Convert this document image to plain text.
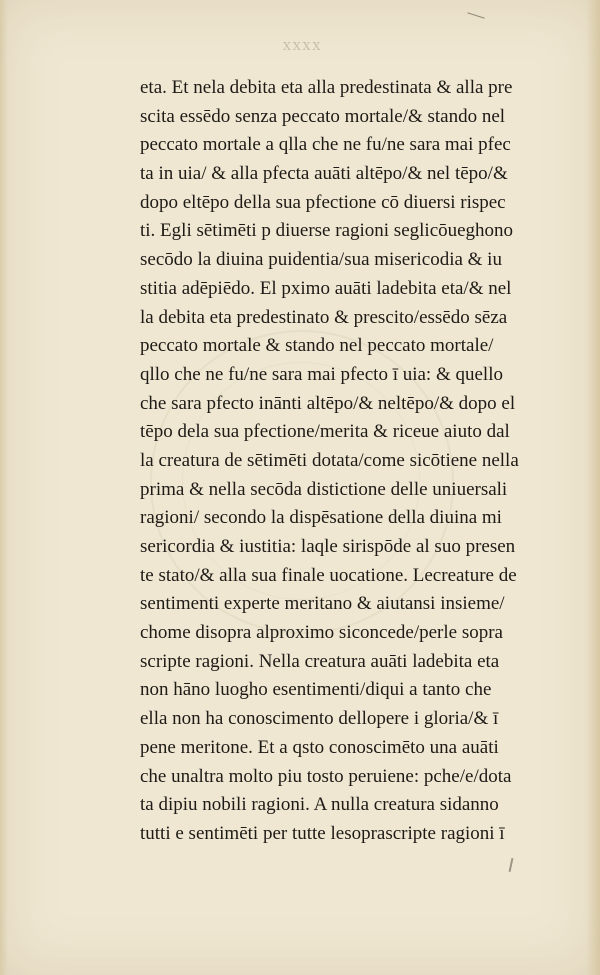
XXXX
eta. Et nela debita eta alla predestinata & alla pre
scita essēdo senza peccato mortale/& stando nel
peccato mortale a qlla che ne fu/ne sara mai pfec
ta in uia/ & alla pfecta auāti altēpo/& nel tēpo/&
dopo eltēpo della sua pfectione cō diuersi rispec
ti. Egli sētimēti p diuerse ragioni seglicōueghono
secōdo la diuina puidentia/sua misericodia & iu
stitia adēpiēdo. El pximo auāti ladebita eta/& nel
la debita eta predestinato & prescito/essēdo sēza
peccato mortale & stando nel peccato mortale/
qllo che ne fu/ne sara mai pfecto ī uia: & quello
che sara pfecto inānti altēpo/& neltēpo/& dopo el
tēpo dela sua pfectione/merita & riceue aiuto dal
la creatura de sētimēti dotata/come sicōtiene nella
prima & nella secōda distictione delle uniuersali
ragioni/ secondo la dispēsatione della diuina mi
sericordia & iustitia: laqle sirispōde al suo presen
te stato/& alla sua finale uocatione. Lecreature de
sentimenti experte meritano & aiutansi insieme/
chome disopra alproximo siconcede/perle sopra
scripte ragioni. Nella creatura auāti ladebita eta
non hāno luogho esentimenti/diqui a tanto che
ella non ha conoscimento dellopere i gloria/& ī
pene meritone. Et a qsto conoscimēto una auāti
che unaltra molto piu tosto peruiene: pche/e/dota
ta dipiu nobili ragioni. A nulla creatura sidanno
tutti e sentimēti per tutte lesoprascripte ragioni ī
